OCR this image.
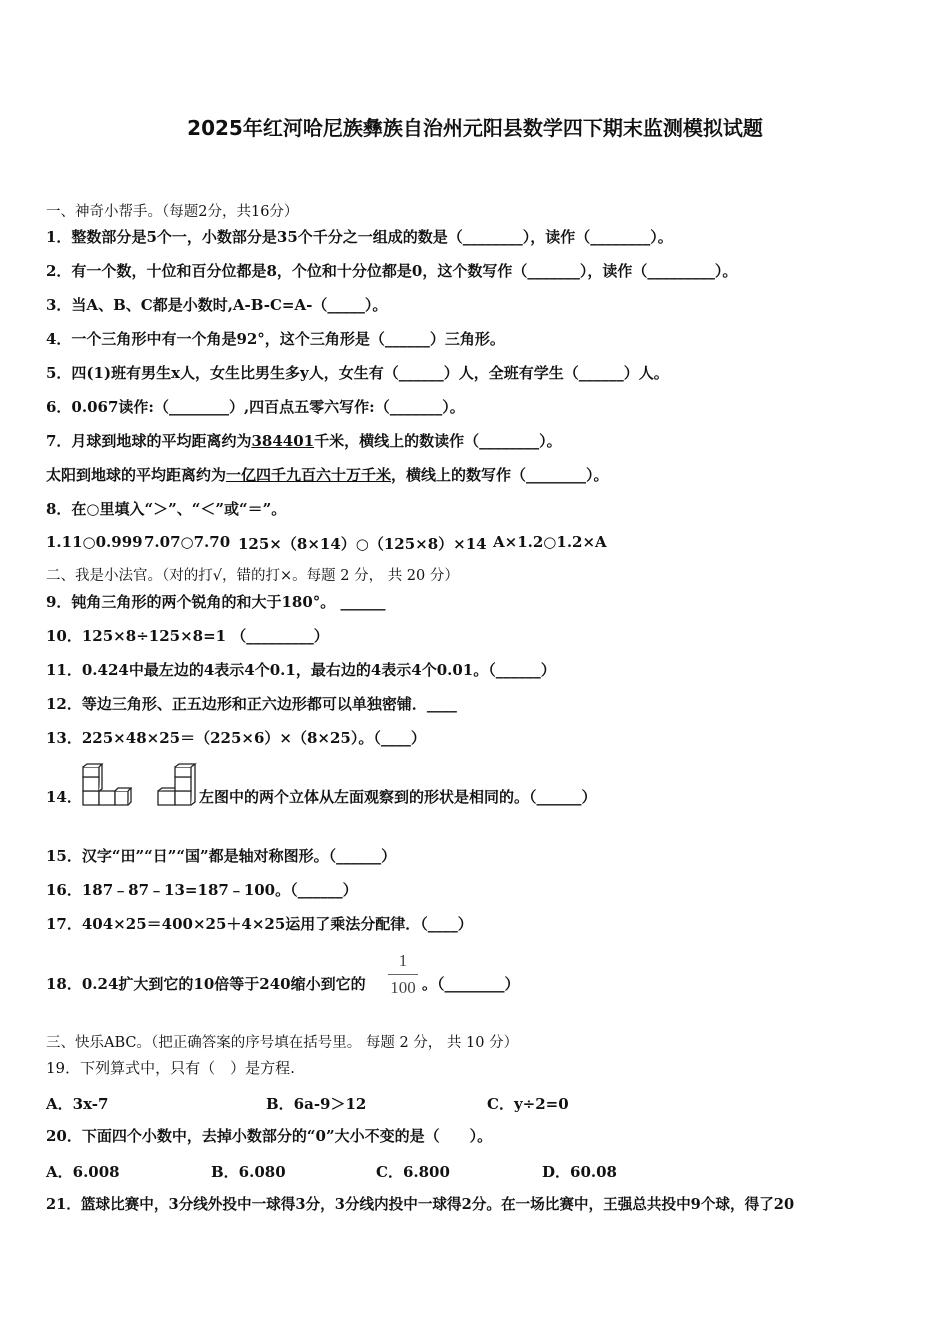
2025年红河哈尼族彝族自治州元阳县数学四下期末监测模拟试题
一、神奇小帮手。（每题2分，共16分）
1．整数部分是5个一，小数部分是35个千分之一组成的数是（________），读作（________）。
2．有一个数，十位和百分位都是8，个位和十分位都是0，这个数写作（_______），读作（_________）。
3．当A、B、C都是小数时,A-B-C=A-（_____）。
4．一个三角形中有一个角是92°，这个三角形是（______）三角形。
5．四(1)班有男生x人，女生比男生多y人，女生有（______）人，全班有学生（______）人。
6．0.067读作:（________）,四百点五零六写作:（_______）。
7．月球到地球的平均距离约为384401千米，横线上的数读作（________）。
太阳到地球的平均距离约为一亿四千九百六十万千米，横线上的数写作（________）。
8．在○里填入“＞”、“＜”或“＝”。
1.11○0.999 7.07○7.70 125×（8×14）○（125×8）×14 A×1.2○1.2×A
二、我是小法官。（对的打√，错的打×。每题 2 分， 共 20 分）
9．钝角三角形的两个锐角的和大于180°。 ______
10．125×8÷125×8=1 （_________）
11．0.424中最左边的4表示4个0.1，最右边的4表示4个0.01。（______）
12．等边三角形、正五边形和正六边形都可以单独密铺．____
13．225×48×25＝（225×6）×（8×25）。（____）
14．	左图中的两个立体从左面观察到的形状是相同的。（______）
15．汉字“田”“日”“国”都是轴对称图形。（______）
16．187﹣87﹣13=187﹣100。（______）
17．404×25＝400×25＋4×25运用了乘法分配律．（____）
18．0.24扩大到它的10倍等于240缩小到它的
1
100 。（________）
三、快乐ABC。（把正确答案的序号填在括号里。 每题 2 分， 共 10 分）
19．下列算式中，只有（　）是方程.
A．3x-7	B．6a-9＞12	C．y÷2=0
20．下面四个小数中，去掉小数部分的“0”大小不变的是（　　）。
A．6.008	B．6.080	C．6.800	D．60.08
21．篮球比赛中，3分线外投中一球得3分，3分线内投中一球得2分。在一场比赛中，王强总共投中9个球，得了20
